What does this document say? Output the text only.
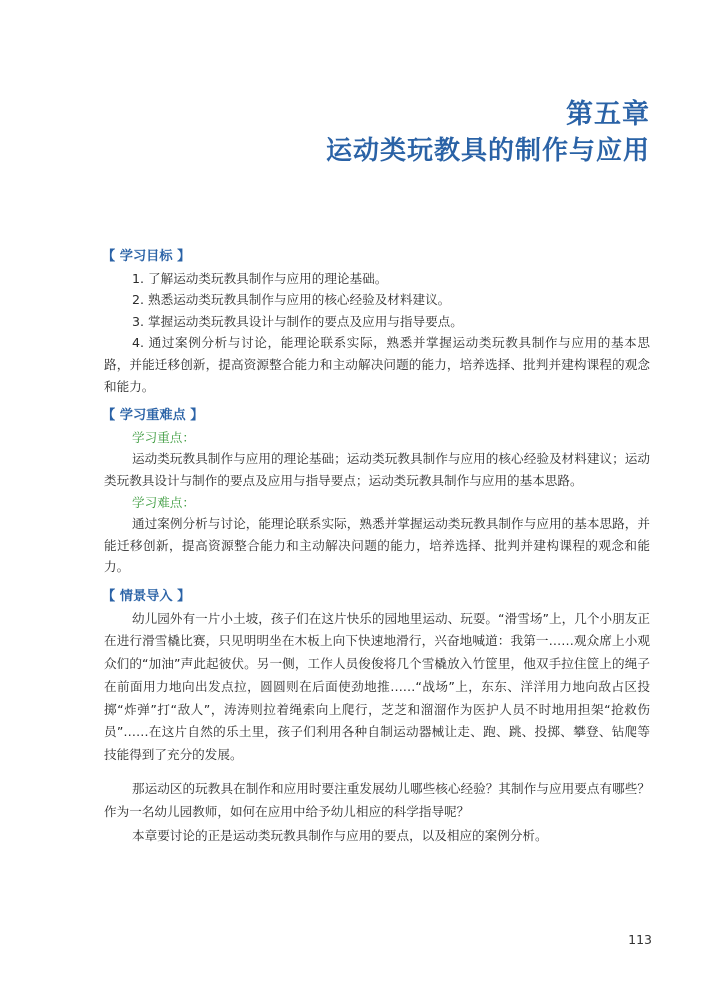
第五章
运动类玩教具的制作与应用
【 学习目标 】

1. 了解运动类玩教具制作与应用的理论基础。

2. 熟悉运动类玩教具制作与应用的核心经验及材料建议。

3. 掌握运动类玩教具设计与制作的要点及应用与指导要点。

4. 通过案例分析与讨论，能理论联系实际，熟悉并掌握运动类玩教具制作与应用的基本思路，并能迁移创新，提高资源整合能力和主动解决问题的能力，培养选择、批判并建构课程的观念和能力。

【 学习重难点 】

学习重点：

运动类玩教具制作与应用的理论基础；运动类玩教具制作与应用的核心经验及材料建议；运动类玩教具设计与制作的要点及应用与指导要点；运动类玩教具制作与应用的基本思路。

学习难点：

通过案例分析与讨论，能理论联系实际，熟悉并掌握运动类玩教具制作与应用的基本思路，并能迁移创新，提高资源整合能力和主动解决问题的能力，培养选择、批判并建构课程的观念和能力。

【 情景导入 】

幼儿园外有一片小土坡，孩子们在这片快乐的园地里运动、玩耍。“滑雪场”上，几个小朋友正在进行滑雪橇比赛，只见明明坐在木板上向下快速地滑行，兴奋地喊道：我第一……观众席上小观众们的“加油”声此起彼伏。另一侧，工作人员俊俊将几个雪橇放入竹筐里，他双手拉住筐上的绳子在前面用力地向出发点拉，圆圆则在后面使劲地推……“战场”上，东东、洋洋用力地向敌占区投掷“炸弹”打“敌人”，涛涛则拉着绳索向上爬行，芝芝和溜溜作为医护人员不时地用担架“抢救伤员”……在这片自然的乐土里，孩子们利用各种自制运动器械让走、跑、跳、投掷、攀登、钻爬等技能得到了充分的发展。

那运动区的玩教具在制作和应用时要注重发展幼儿哪些核心经验？其制作与应用要点有哪些？作为一名幼儿园教师，如何在应用中给予幼儿相应的科学指导呢？

本章要讨论的正是运动类玩教具制作与应用的要点，以及相应的案例分析。

113
